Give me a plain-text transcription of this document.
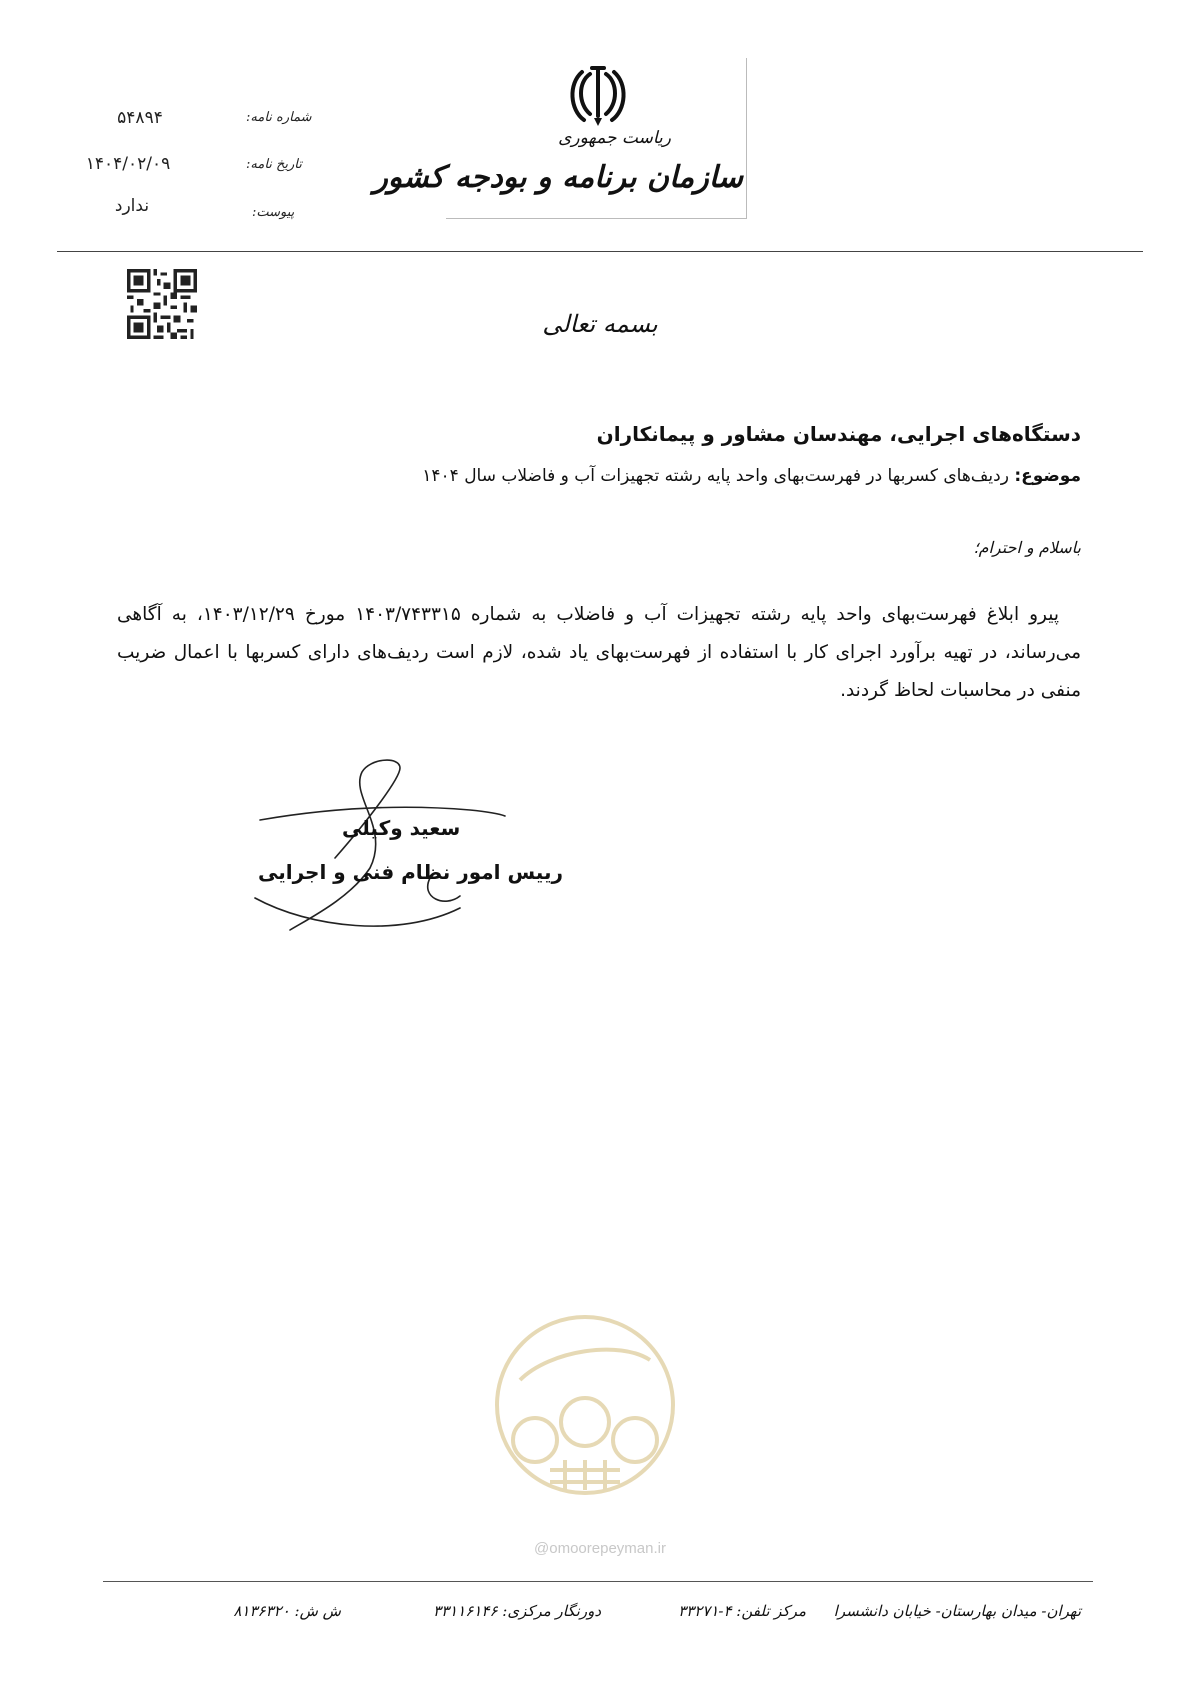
۵۴۸۹۴	شماره نامه:
۱۴۰۴/۰۲/۰۹	تاریخ نامه:
ندارد	پیوست:
ریاست جمهوری
سازمان برنامه و بودجه کشور
بسمه تعالی
دستگاه‌های اجرایی، مهندسان مشاور و پیمانکاران
موضوع: ردیف‌های کسربها در فهرست‌بهای واحد پایه رشته تجهیزات آب و فاضلاب سال ۱۴۰۴
باسلام و احترام؛
پیرو ابلاغ فهرست‌بهای واحد پایه رشته تجهیزات آب و فاضلاب به شماره ۱۴۰۳/۷۴۳۳۱۵ مورخ ۱۴۰۳/۱۲/۲۹، به آگاهی می‌رساند، در تهیه برآورد اجرای کار با استفاده از فهرست‌بهای یاد شده، لازم است ردیف‌های دارای کسربها با اعمال ضریب منفی در محاسبات لحاظ گردند.
سعید وکیلی
رییس امور نظام فنی و اجرایی
@omoorepeyman.ir
تهران- میدان بهارستان- خیابان دانشسرا
مرکز تلفن: ۴-۳۳۲۷۱
دورنگار مرکزی: ۳۳۱۱۶۱۴۶
ش ش: ۸۱۳۶۳۲۰
